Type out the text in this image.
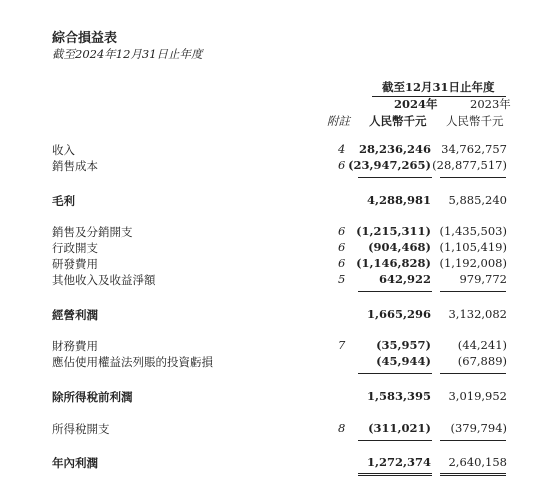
綜合損益表
截至2024年12月31日止年度
截至12月31日止年度
2024年	2023年
附註 人民幣千元 人民幣千元
收入	4 28,236,246 34,762,757
銷售成本	6 (23,947,265) (28,877,517)
毛利	4,288,981 5,885,240
銷售及分銷開支	6 (1,215,311) (1,435,503)
行政開支	6 (904,468) (1,105,419)
研發費用	6 (1,146,828) (1,192,008)
其他收入及收益淨額	5	642,922 979,772
經營利潤	1,665,296 3,132,082
財務費用	7	(35,957) (44,241)
應佔使用權益法列賬的投資虧損	(45,944) (67,889)
除所得稅前利潤	1,583,395 3,019,952
所得稅開支	8 (311,021) (379,794)
年內利潤	1,272,374 2,640,158
